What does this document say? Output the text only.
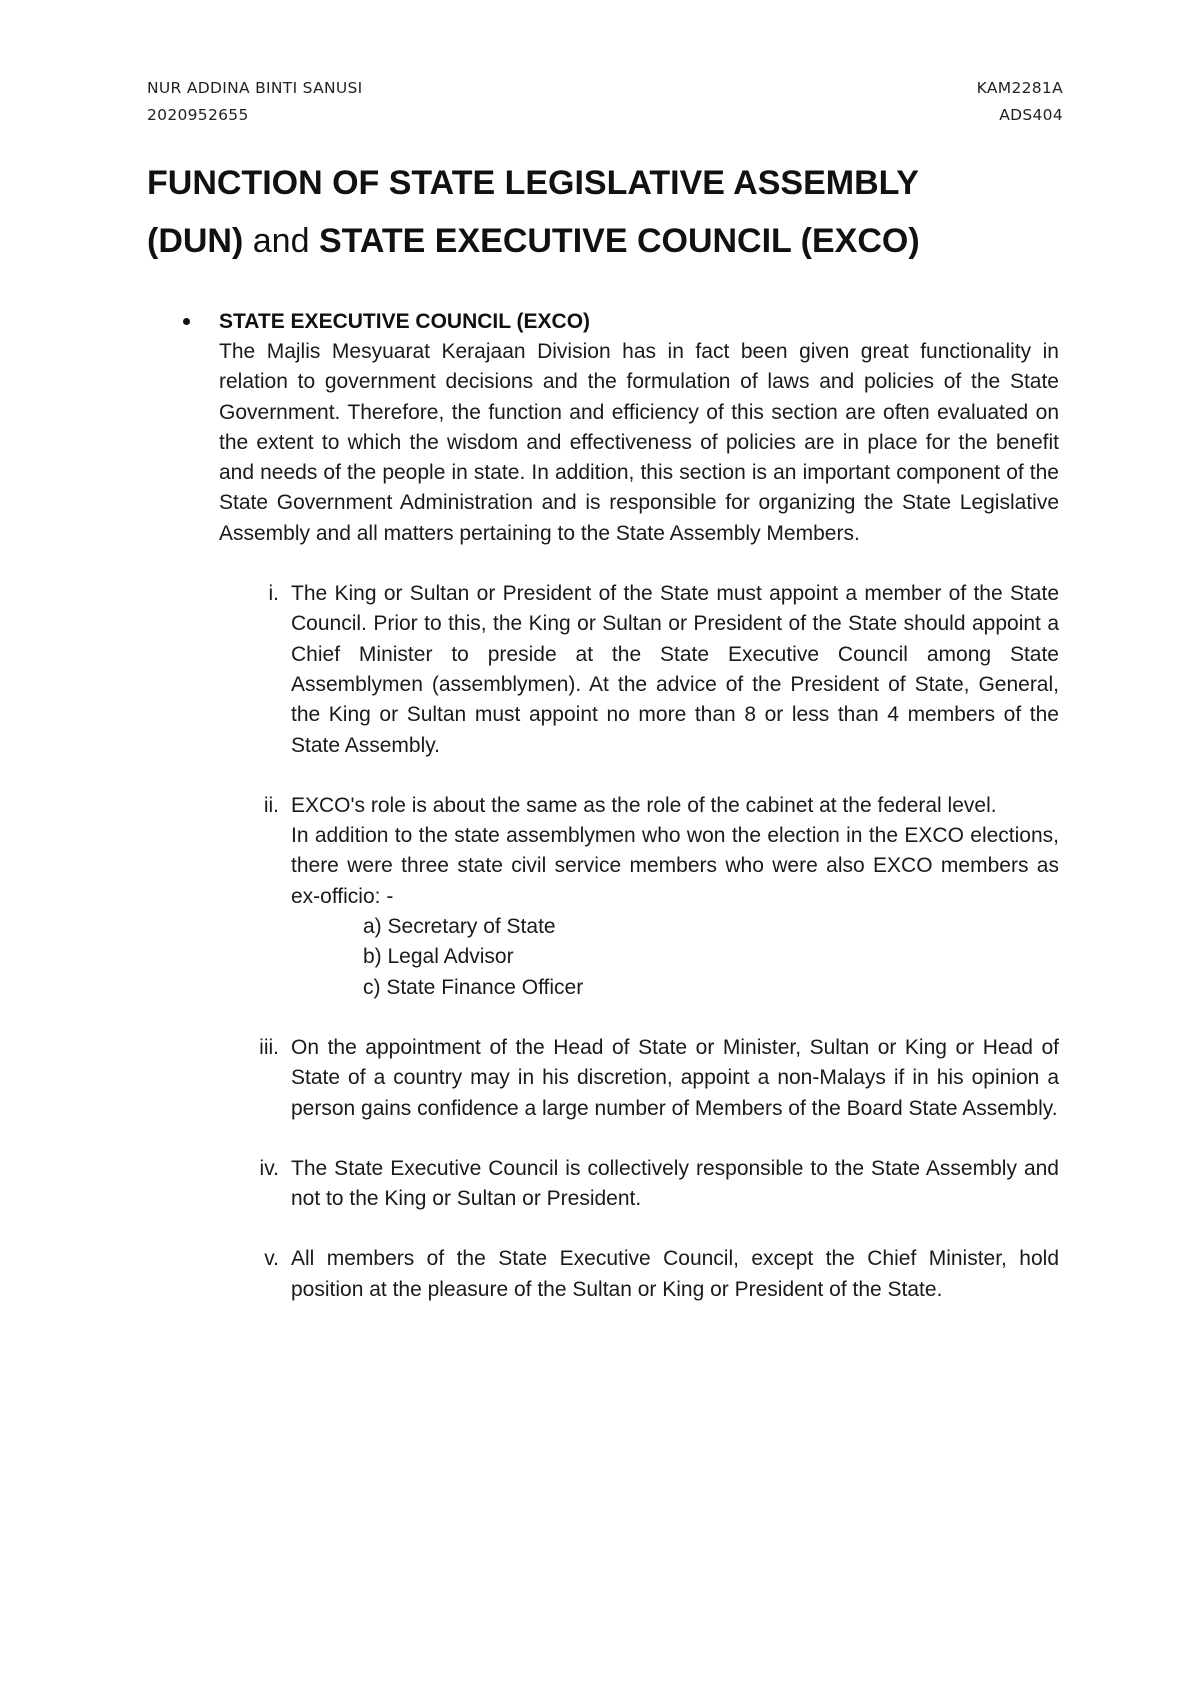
NUR ADDINA BINTI SANUSI	KAM2281A
2020952655	ADS404
FUNCTION OF STATE LEGISLATIVE ASSEMBLY
(DUN) and STATE EXECUTIVE COUNCIL (EXCO)
STATE EXECUTIVE COUNCIL (EXCO)

The Majlis Mesyuarat Kerajaan Division has in fact been given great functionality in relation to government decisions and the formulation of laws and policies of the State Government. Therefore, the function and efficiency of this section are often evaluated on the extent to which the wisdom and effectiveness of policies are in place for the benefit and needs of the people in state. In addition, this section is an important component of the State Government Administration and is responsible for organizing the State Legislative Assembly and all matters pertaining to the State Assembly Members.

i. The King or Sultan or President of the State must appoint a member of the State Council. Prior to this, the King or Sultan or President of the State should appoint a Chief Minister to preside at the State Executive Council among State Assemblymen (assemblymen). At the advice of the President of State, General, the King or Sultan must appoint no more than 8 or less than 4 members of the State Assembly.

ii. EXCO's role is about the same as the role of the cabinet at the federal level.

In addition to the state assemblymen who won the election in the EXCO elections, there were three state civil service members who were also EXCO members as ex-officio: -

a) Secretary of State
b) Legal Advisor
c) State Finance Officer
iii. On the appointment of the Head of State or Minister, Sultan or King or Head of State of a country may in his discretion, appoint a non-Malays if in his opinion a person gains confidence a large number of Members of the Board State Assembly.

iv. The State Executive Council is collectively responsible to the State Assembly and not to the King or Sultan or President.

v. All members of the State Executive Council, except the Chief Minister, hold position at the pleasure of the Sultan or King or President of the State.
